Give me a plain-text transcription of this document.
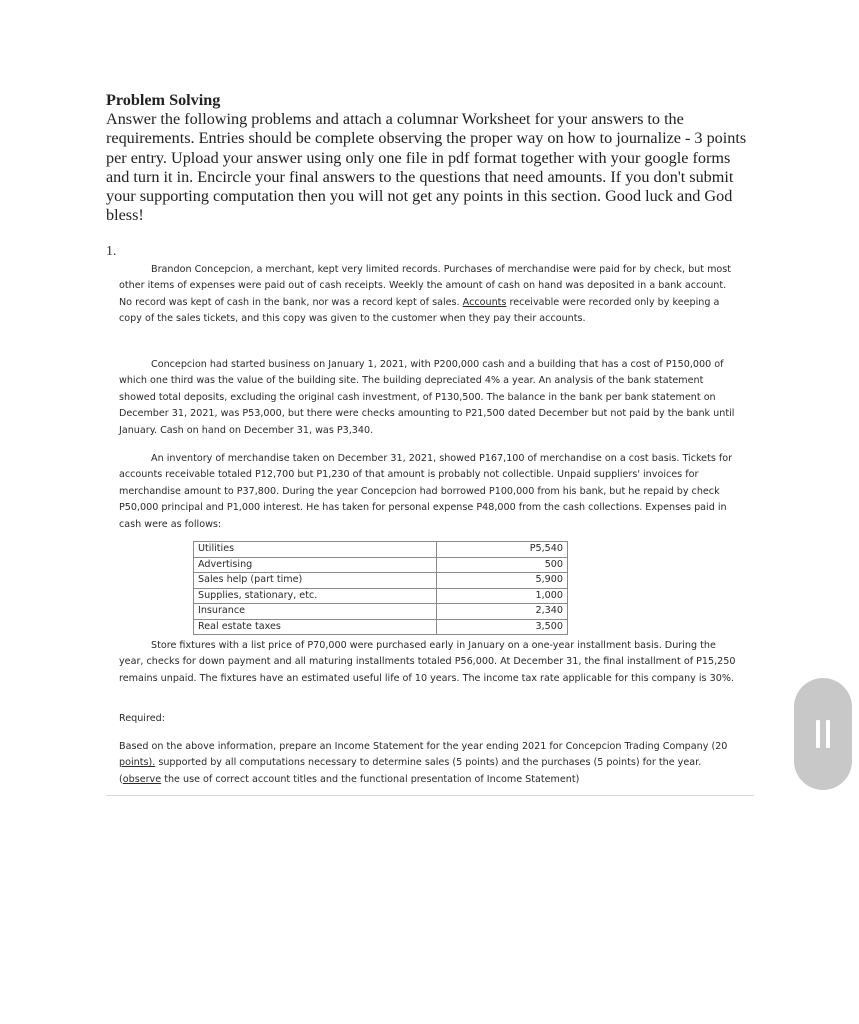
Problem Solving
Answer the following problems and attach a columnar Worksheet for your answers to the requirements. Entries should be complete observing the proper way on how to journalize - 3 points per entry. Upload your answer using only one file in pdf format together with your google forms and turn it in. Encircle your final answers to the questions that need amounts. If you don't submit your supporting computation then you will not get any points in this section. Good luck and God bless!
1.

Brandon Concepcion, a merchant, kept very limited records. Purchases of merchandise were paid for by check, but most other items of expenses were paid out of cash receipts. Weekly the amount of cash on hand was deposited in a bank account. No record was kept of cash in the bank, nor was a record kept of sales. Accounts receivable were recorded only by keeping a copy of the sales tickets, and this copy was given to the customer when they pay their accounts.

Concepcion had started business on January 1, 2021, with P200,000 cash and a building that has a cost of P150,000 of which one third was the value of the building site. The building depreciated 4% a year. An analysis of the bank statement showed total deposits, excluding the original cash investment, of P130,500. The balance in the bank per bank statement on December 31, 2021, was P53,000, but there were checks amounting to P21,500 dated December but not paid by the bank until January. Cash on hand on December 31, was P3,340.

An inventory of merchandise taken on December 31, 2021, showed P167,100 of merchandise on a cost basis. Tickets for accounts receivable totaled P12,700 but P1,230 of that amount is probably not collectible. Unpaid suppliers' invoices for merchandise amount to P37,800. During the year Concepcion had borrowed P100,000 from his bank, but he repaid by check P50,000 principal and P1,000 interest. He has taken for personal expense P48,000 from the cash collections. Expenses paid in cash were as follows:

Utilities	P5,540
Advertising	500
Sales help (part time)	5,900
Supplies, stationary, etc.	1,000
Insurance	2,340
Real estate taxes	3,500

Store fixtures with a list price of P70,000 were purchased early in January on a one-year installment basis. During the year, checks for down payment and all maturing installments totaled P56,000. At December 31, the final installment of P15,250 remains unpaid. The fixtures have an estimated useful life of 10 years. The income tax rate applicable for this company is 30%.

Required:

Based on the above information, prepare an Income Statement for the year ending 2021 for Concepcion Trading Company (20 points). supported by all computations necessary to determine sales (5 points) and the purchases (5 points) for the year. (observe the use of correct account titles and the functional presentation of Income Statement)
